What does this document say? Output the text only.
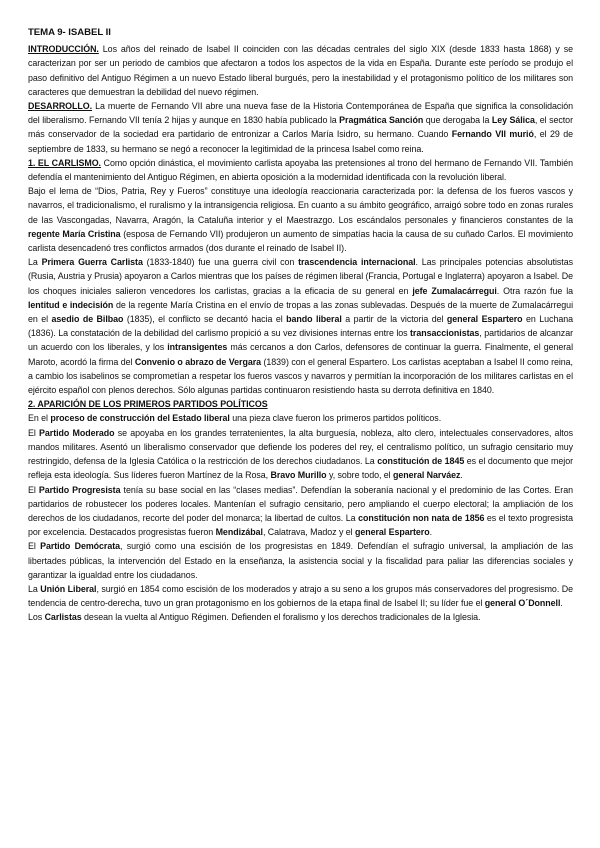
TEMA 9- ISABEL II

INTRODUCCIÓN. Los años del reinado de Isabel II coinciden con las décadas centrales del siglo XIX (desde 1833 hasta 1868) y se caracterizan por ser un periodo de cambios que afectaron a todos los aspectos de la vida en España. Durante este período se produjo el paso definitivo del Antiguo Régimen a un nuevo Estado liberal burgués, pero la inestabilidad y el protagonismo político de los militares son caracteres que demuestran la debilidad del nuevo régimen.

DESARROLLO. La muerte de Fernando VII abre una nueva fase de la Historia Contemporánea de España que significa la consolidación del liberalismo. Fernando VII tenía 2 hijas y aunque en 1830 había publicado la Pragmática Sanción que derogaba la Ley Sálica, el sector más conservador de la sociedad era partidario de entronizar a Carlos María Isidro, su hermano. Cuando Fernando VII murió, el 29 de septiembre de 1833, su hermano se negó a reconocer la legitimidad de la princesa Isabel como reina.

1. EL CARLISMO. Como opción dinástica, el movimiento carlista apoyaba las pretensiones al trono del hermano de Fernando VII. También defendía el mantenimiento del Antiguo Régimen, en abierta oposición a la modernidad identificada con la revolución liberal.

Bajo el lema de “Dios, Patria, Rey y Fueros” constituye una ideología reaccionaria caracterizada por: la defensa de los fueros vascos y navarros, el tradicionalismo, el ruralismo y la intransigencia religiosa. En cuanto a su ámbito geográfico, arraigó sobre todo en zonas rurales de las Vascongadas, Navarra, Aragón, la Cataluña interior y el Maestrazgo. Los escándalos personales y financieros constantes de la regente María Cristina (esposa de Fernando VII) produjeron un aumento de simpatías hacia la causa de su cuñado Carlos. El movimiento carlista desencadenó tres conflictos armados (dos durante el reinado de Isabel II).

La Primera Guerra Carlista (1833-1840) fue una guerra civil con trascendencia internacional. Las principales potencias absolutistas (Rusia, Austria y Prusia) apoyaron a Carlos mientras que los países de régimen liberal (Francia, Portugal e Inglaterra) apoyaron a Isabel. De los choques iniciales salieron vencedores los carlistas, gracias a la eficacia de su general en jefe Zumalacárregui. Otra razón fue la lentitud e indecisión de la regente María Cristina en el envío de tropas a las zonas sublevadas. Después de la muerte de Zumalacárregui en el asedio de Bilbao (1835), el conflicto se decantó hacia el bando liberal a partir de la victoria del general Espartero en Luchana (1836). La constatación de la debilidad del carlismo propició a su vez divisiones internas entre los transaccionistas, partidarios de alcanzar un acuerdo con los liberales, y los intransigentes más cercanos a don Carlos, defensores de continuar la guerra. Finalmente, el general Maroto, acordó la firma del Convenio o abrazo de Vergara (1839) con el general Espartero. Los carlistas aceptaban a Isabel II como reina, a cambio los isabelinos se comprometían a respetar los fueros vascos y navarros y permitían la incorporación de los militares carlistas en el ejército español con plenos derechos. Sólo algunas partidas continuaron resistiendo hasta su derrota definitiva en 1840.

2. APARICIÓN DE LOS PRIMEROS PARTIDOS POLÍTICOS

En el proceso de construcción del Estado liberal una pieza clave fueron los primeros partidos políticos.

El Partido Moderado se apoyaba en los grandes terratenientes, la alta burguesía, nobleza, alto clero, intelectuales conservadores, altos mandos militares. Asentó un liberalismo conservador que defiende los poderes del rey, el centralismo político, un sufragio censitario muy restringido, defensa de la Iglesia Católica o la restricción de los derechos ciudadanos. La constitución de 1845 es el documento que mejor refleja esta ideología. Sus líderes fueron Martínez de la Rosa, Bravo Murillo y, sobre todo, el general Narváez.

El Partido Progresista tenía su base social en las “clases medias”. Defendían la soberanía nacional y el predominio de las Cortes. Eran partidarios de robustecer los poderes locales. Mantenían el sufragio censitario, pero ampliando el cuerpo electoral; la ampliación de los derechos de los ciudadanos, recorte del poder del monarca; la libertad de cultos. La constitución non nata de 1856 es el texto progresista por excelencia. Destacados progresistas fueron Mendizábal, Calatrava, Madoz y el general Espartero.

El Partido Demócrata, surgió como una escisión de los progresistas en 1849. Defendían el sufragio universal, la ampliación de las libertades públicas, la intervención del Estado en la enseñanza, la asistencia social y la fiscalidad para paliar las diferencias sociales y garantizar la igualdad entre los ciudadanos.

La Unión Liberal, surgió en 1854 como escisión de los moderados y atrajo a su seno a los grupos más conservadores del progresismo. De tendencia de centro-derecha, tuvo un gran protagonismo en los gobiernos de la etapa final de Isabel II; su líder fue el general O´Donnell.

Los Carlistas desean la vuelta al Antiguo Régimen. Defienden el foralismo y los derechos tradicionales de la Iglesia.
